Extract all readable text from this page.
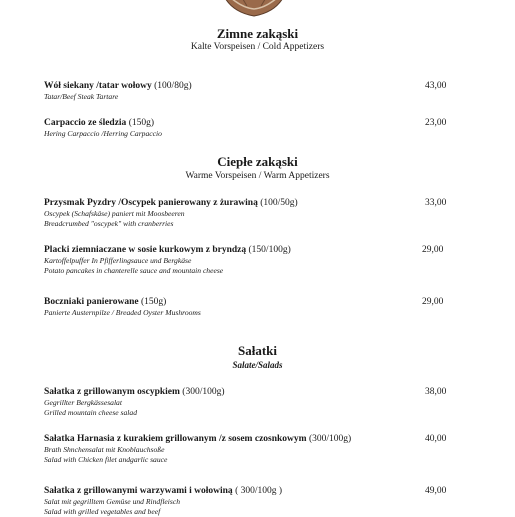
Zimne zakąski
Kalte Vorspeisen / Cold Appetizers
Wół siekany /tatar wołowy (100/80g)
Tatar/Beef Steak Tartare
43,00
Carpaccio ze śledzia (150g)
Hering Carpaccio /Herring Carpaccio
23,00
Ciepłe zakąski
Warme Vorspeisen / Warm Appetizers
Przysmak Pyzdry /Oscypek panierowany z żurawiną (100/50g)
Oscypek (Schafskäse) paniert mit Moosbeeren
Breadcrumbed "oscypek" with cranberries
33,00
Placki ziemniaczane w sosie kurkowym z bryndzą (150/100g)
Kartoffelpuffer In Pfifferlingsauce und Bergkäse
Potato pancakes in chanterelle sauce and mountain cheese
29,00
Boczniaki panierowane (150g)
Panierte Austernpilze / Breaded Oyster Mushrooms
29,00
Sałatki
Salate/Salads
Sałatka z grillowanym oscypkiem (300/100g)
Gegrillter Bergkässesalat
Grilled mountain cheese salad
38,00
Sałatka Harnasia z kurakiem grillowanym /z sosem czosnkowym (300/100g)
Brath Shnchensalat mit Knoblauchsoße
Salad with Chicken filet andgarlic sauce
40,00
Sałatka z grillowanymi warzywami i wołowiną ( 300/100g )
Salat mit gegrilltem Gemüse und Rindfleisch
Salad with grilled vegetables and beef
49,00
